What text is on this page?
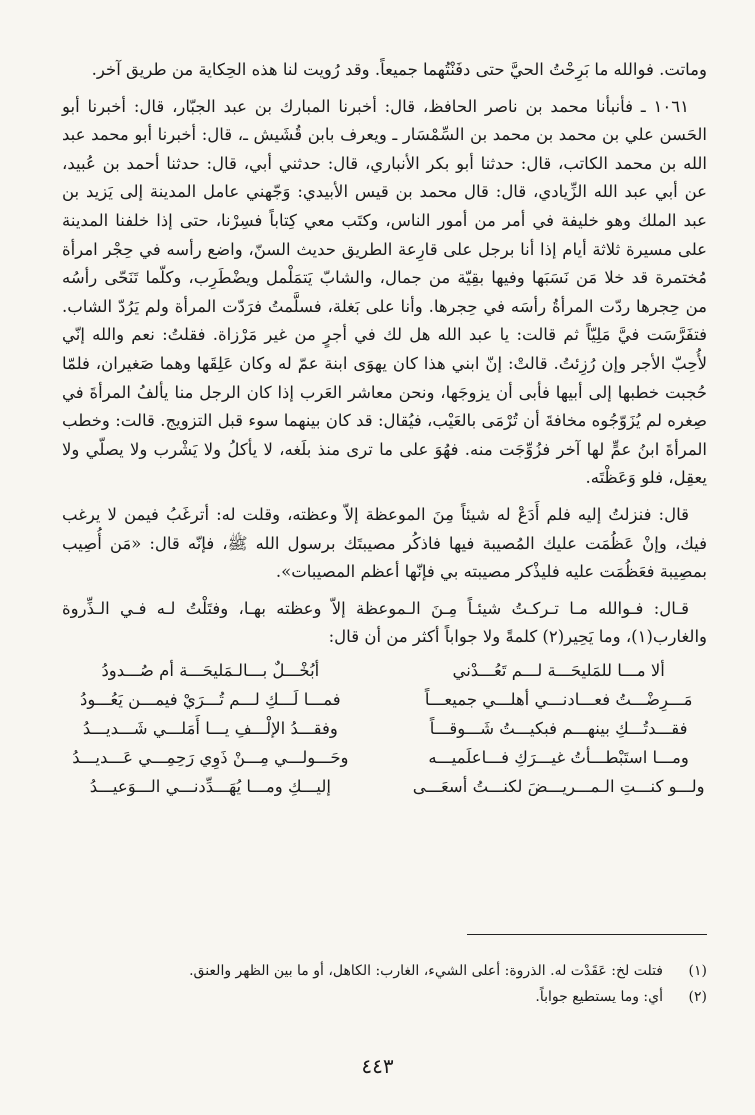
وماتت. فوالله ما بَرِحْتُ الحيَّ حتى دفَنْتُهما جميعاً. وقد رُويت لنا هذه الحِكاية من طريق آخر.

١٠٦١ ـ فأنبأنا محمد بن ناصر الحافظ، قال: أخبرنا المبارك بن عبد الجبّار، قال: أخبرنا أبو الحَسن علي بن محمد بن محمد بن السِّمْسَار ـ ويعرف بابن قُشَيش ـ، قال: أخبرنا أبو محمد عبد الله بن محمد الكاتب، قال: حدثنا أبو بكر الأنباري، قال: حدثني أبي، قال: حدثنا أحمد بن عُبيد، عن أبي عبد الله الزِّيادي، قال: قال محمد بن قيس الأبيدي: وَجّهني عامل المدينة إلى يَزيد بن عبد الملك وهو خليفة في أمر من أمور الناس، وكتَب معي كِتاباً فسِرْنا، حتى إذا خلفنا المدينة على مسيرة ثلاثة أيام إذا أنا برجل على قارِعة الطريق حديث السنّ، واضع رأسه في حِجْر امرأة مُختمرة قد خلا مَن نَسَبَها وفيها بقِيّة من جمال، والشابّ يَتمَلْمل ويضْطَرِب، وكلّما تَنَحّى رأسُه من حِجرها ردّت المرأةُ رأسَه في حِجرها. وأنا على بَغلة، فسلَّمتُ فرَدّت المرأة ولم يَرُدّ الشاب. فتفَرَّسَت فيَّ مَلِيّاً ثم قالت: يا عبد الله هل لك في أجرٍ من غير مَرْزاة. فقلتُ: نعم والله إنّي لأُحِبّ الأجر وإن رُزِئتُ. قالتْ: إنّ ابني هذا كان يهوَى ابنة عمّ له وكان عَلِقَها وهما صَغيران، فلمّا حُجبت خطبها إلى أبيها فأبى أن يزوجَها، ونحن معاشر العَرب إذا كان الرجل منا يألفُ المرأةَ في صِغره لم يُزَوّجُوه مخافةَ أن تُرْمَى بالعَيْب، فيُقال: قد كان بينهما سوء قبل التزويج. قالت: وخطب المرأةَ ابنُ عمٍّ لها آخر فزُوِّجَت منه. فهُوَ على ما ترى منذ بلَغه، لا يأكلُ ولا يَشْرب ولا يصلّي ولا يعقِل، فلو وَعَظْتَه.

قال: فنزلتُ إليه فلم أَدَعْ له شيئاً مِنَ الموعظة إلاّ وعظته، وقلت له: أترغَبُ فيمن لا يرغب فيك، وإنْ عَظُمَت عليك المُصيبة فيها فاذكُر مصيبتَك برسول الله ﷺ، فإنّه قال: «مَن أُصِيب بمصِيبة فعَظُمَت عليه فليذْكر مصيبته بي فإنّها أعظم المصيبات».

قـال: فـوالله مـا تـركـتُ شيئـاً مِـنَ الـموعظة إلاّ وعظته بهـا، وفتَلْتُ لـه فـي الـذِّروة والغارب(١)، وما يَحِير(٢) كلمةً ولا جواباً أكثر من أن قال:

ألا مـــا للمَليحَـــة لـــم تَعُـــدْني
أبُخْـــلٌ بـــالـمَليحَـــة أم صُـــدودُ
مَـــرِضْـــتُ فعـــادنـــي أهلـــي جميعـــاً
فمـــا لَـــكِ لـــم تُـــرَيْ فيمـــن يَعُـــودُ
فقـــدتُـــكِ بينهـــم فبكيـــتُ شَـــوقـــاً
وفقـــدُ الإلْـــفِ يـــا أَمَلـــي شَـــديـــدُ
ومـــا استَبْطـــأتُ غيـــرَكِ فـــاعلَميـــه
وحَـــولـــي مِـــنْ ذَوِي رَحِمِـــي عَـــديـــدُ
ولـــو كنـــتِ الـمـــريـــضَ لكنـــتُ أسعَـــى
إليـــكِ ومـــا يُهَـــدِّدنـــي الـــوَعيـــدُ
(١)
فتلت لخ: عَقَدْت له. الذروة: أعلى الشيء، الغارب: الكاهل، أو ما بين الظهر والعنق.
(٢)
أي: وما يستطيع جواباً.
٤٤٣
